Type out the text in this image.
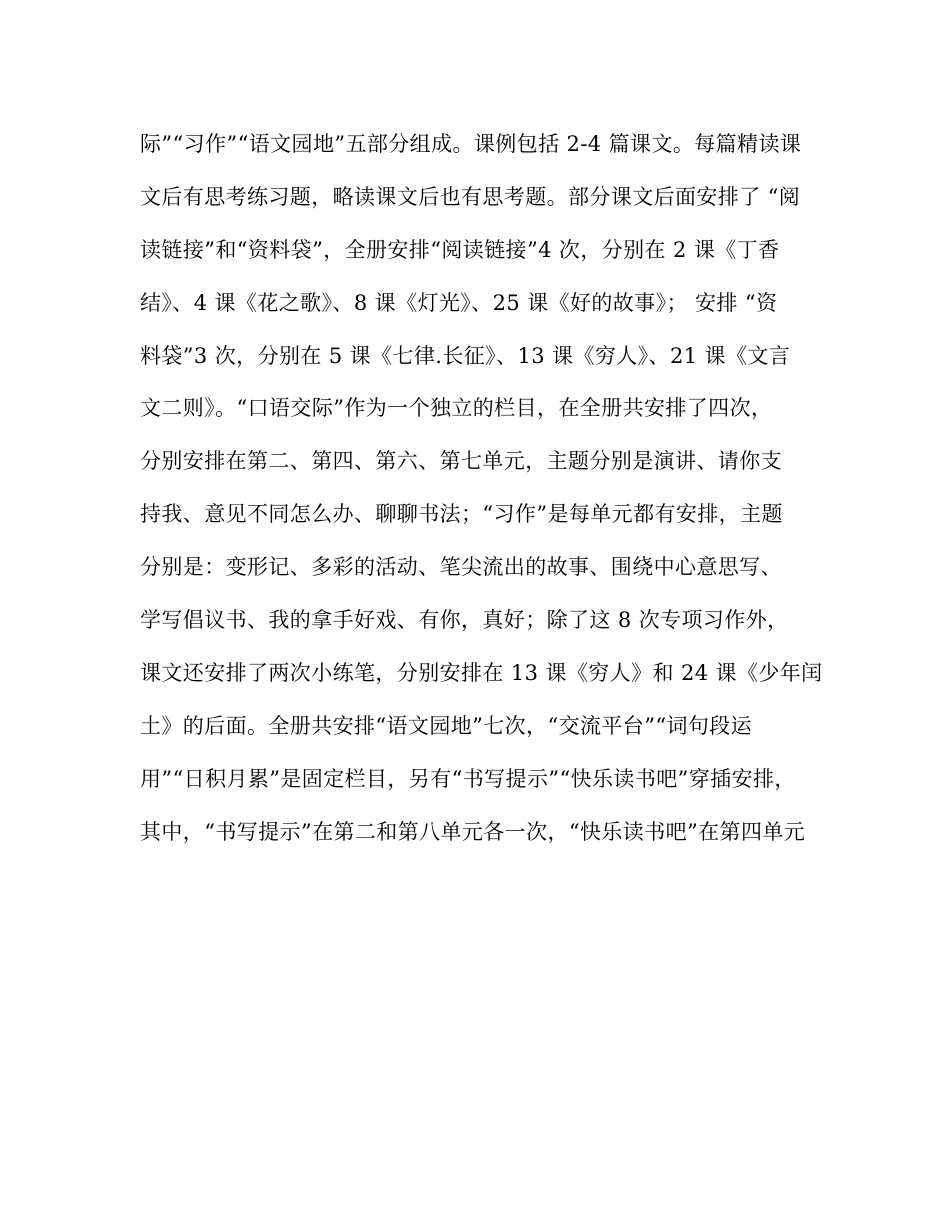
际”“习作”“语文园地”五部分组成。课例包括 2-4 篇课文。每篇精读课
文后有思考练习题，略读课文后也有思考题。部分课文后面安排了 “阅
读链接”和“资料袋”，全册安排“阅读链接”4 次，分别在 2 课《丁香
结》、4 课《花之歌》、8 课《灯光》、25 课《好的故事》； 安排 “资
料袋”3 次，分别在 5 课《七律.长征》、13 课《穷人》、21 课《文言
文二则》。“口语交际”作为一个独立的栏目，在全册共安排了四次，
分别安排在第二、第四、第六、第七单元，主题分别是演讲、请你支
持我、意见不同怎么办、聊聊书法；“习作”是每单元都有安排，主题
分别是：变形记、多彩的活动、笔尖流出的故事、围绕中心意思写、
学写倡议书、我的拿手好戏、有你，真好；除了这 8 次专项习作外，
课文还安排了两次小练笔，分别安排在 13 课《穷人》和 24 课《少年闰
土》的后面。全册共安排“语文园地”七次，“交流平台”“词句段运
用”“日积月累”是固定栏目，另有“书写提示”“快乐读书吧”穿插安排，
其中，“书写提示”在第二和第八单元各一次，“快乐读书吧”在第四单元
